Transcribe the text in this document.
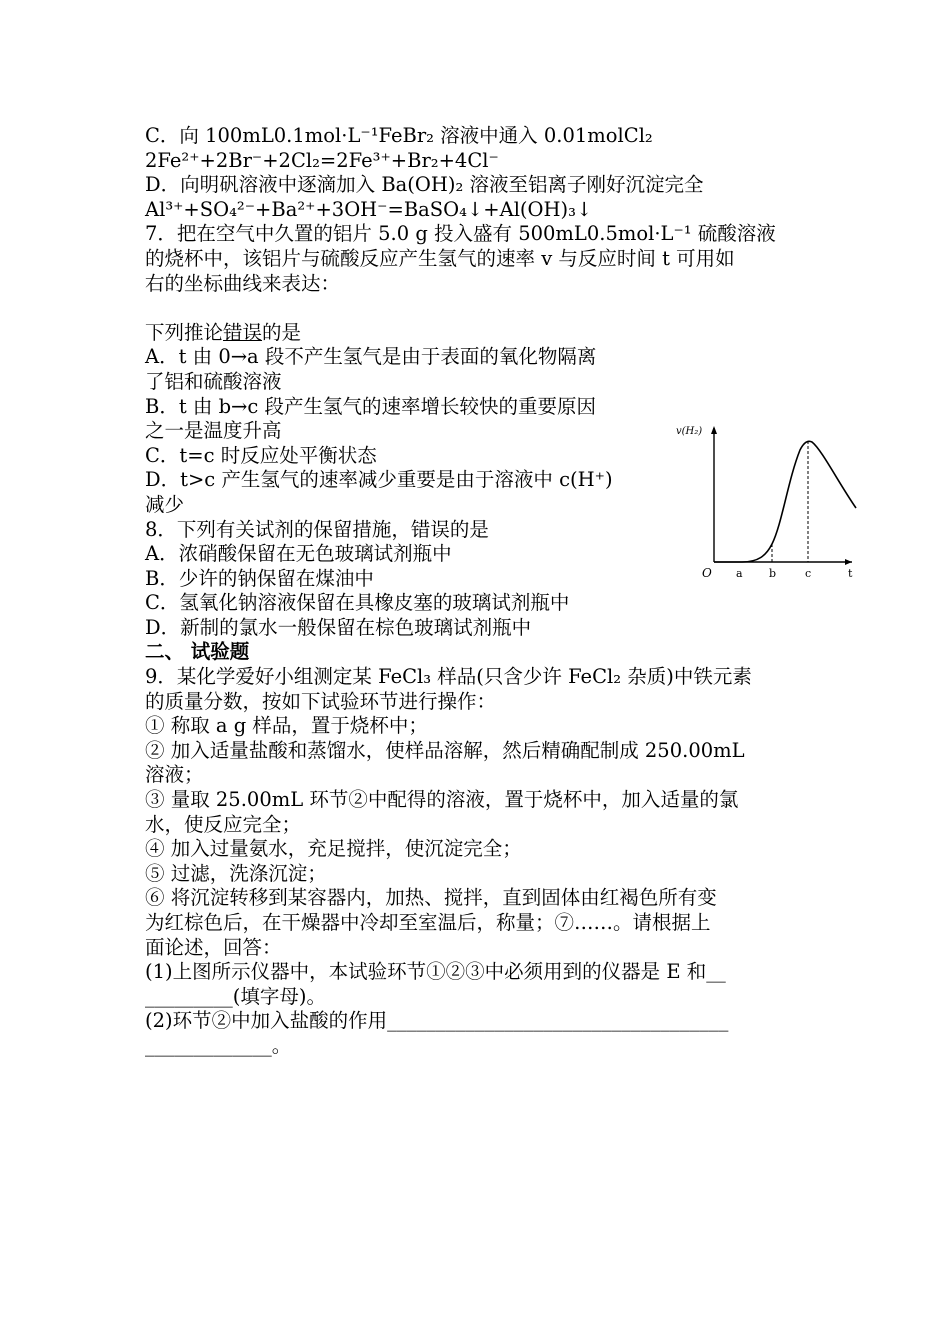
C．向 100mL0.1mol·L⁻¹FeBr₂ 溶液中通入 0.01molCl₂
2Fe²⁺+2Br⁻+2Cl₂=2Fe³⁺+Br₂+4Cl⁻
D．向明矾溶液中逐滴加入 Ba(OH)₂ 溶液至铝离子刚好沉淀完全
Al³⁺+SO₄²⁻+Ba²⁺+3OH⁻=BaSO₄↓+Al(OH)₃↓
7．把在空气中久置的铝片 5.0 g 投入盛有 500mL0.5mol·L⁻¹ 硫酸溶液
的烧杯中，该铝片与硫酸反应产生氢气的速率 v 与反应时间 t 可用如
右的坐标曲线来表达：
下列推论错误的是
A．t 由 0→a 段不产生氢气是由于表面的氧化物隔离
了铝和硫酸溶液
B．t 由 b→c 段产生氢气的速率增长较快的重要原因
之一是温度升高
C．t=c 时反应处平衡状态
D．t>c 产生氢气的速率减少重要是由于溶液中 c(H⁺)
减少
v(H₂)
O a b	c	t
8．下列有关试剂的保留措施，错误的是
A．浓硝酸保留在无色玻璃试剂瓶中
B．少许的钠保留在煤油中
C．氢氧化钠溶液保留在具橡皮塞的玻璃试剂瓶中
D．新制的氯水一般保留在棕色玻璃试剂瓶中
二、 试验题
9．某化学爱好小组测定某 FeCl₃ 样品(只含少许 FeCl₂ 杂质)中铁元素
的质量分数，按如下试验环节进行操作：
① 称取 a g 样品，置于烧杯中；
② 加入适量盐酸和蒸馏水，使样品溶解，然后精确配制成 250.00mL
溶液；
③ 量取 25.00mL 环节②中配得的溶液，置于烧杯中，加入适量的氯
水，使反应完全；
④ 加入过量氨水，充足搅拌，使沉淀完全；
⑤ 过滤，洗涤沉淀；
⑥ 将沉淀转移到某容器内，加热、搅拌，直到固体由红褐色所有变
为红棕色后，在干燥器中冷却至室温后，称量；⑦……。请根据上
面论述，回答：
(1)上图所示仪器中，本试验环节①②③中必须用到的仪器是 E 和__
_________(填字母)。
(2)环节②中加入盐酸的作用___________________________________
_____________。
